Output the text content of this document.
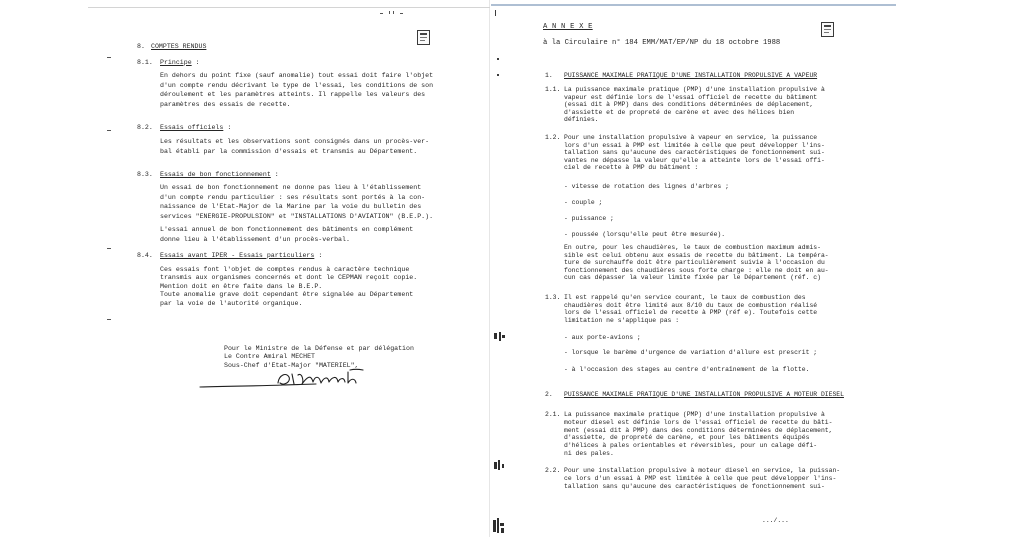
8. COMPTES RENDUS
8.1. Principe :
En dehors du point fixe (sauf anomalie) tout essai doit faire l'objet
d'un compte rendu décrivant le type de l'essai, les conditions de son
déroulement et les paramètres atteints. Il rappelle les valeurs des
paramètres des essais de recette.
8.2. Essais officiels :
Les résultats et les observations sont consignés dans un procès-ver-
bal établi par la commission d'essais et transmis au Département.
8.3. Essais de bon fonctionnement :
Un essai de bon fonctionnement ne donne pas lieu à l'établissement
d'un compte rendu particulier : ses résultats sont portés à la con-
naissance de l'Etat-Major de la Marine par la voie du bulletin des
services "ENERGIE-PROPULSION" et "INSTALLATIONS D'AVIATION" (B.E.P.).
L'essai annuel de bon fonctionnement des bâtiments en complément
donne lieu à l'établissement d'un procès-verbal.
8.4. Essais avant IPER - Essais particuliers :
Ces essais font l'objet de comptes rendus à caractère technique
transmis aux organismes concernés et dont le CEPMAN reçoit copie.
Mention doit en être faite dans le B.E.P.
Toute anomalie grave doit cependant être signalée au Département
par la voie de l'autorité organique.
Pour le Ministre de la Défense et par délégation
Le Contre Amiral MECHET
Sous-Chef d'Etat-Major "MATERIEL",
A N N E X E
à la Circulaire n° 184 EMM/MAT/EP/NP du 18 octobre 1988
1. PUISSANCE MAXIMALE PRATIQUE D'UNE INSTALLATION PROPULSIVE A VAPEUR
1.1. La puissance maximale pratique (PMP) d'une installation propulsive à
vapeur est définie lors de l'essai officiel de recette du bâtiment
(essai dit à PMP) dans des conditions déterminées de déplacement,
d'assiette et de propreté de carène et avec des hélices bien
définies.
1.2. Pour une installation propulsive à vapeur en service, la puissance
lors d'un essai à PMP est limitée à celle que peut développer l'ins-
tallation sans qu'aucune des caractéristiques de fonctionnement sui-
vantes ne dépasse la valeur qu'elle a atteinte lors de l'essai offi-
ciel de recette à PMP du bâtiment :
- vitesse de rotation des lignes d'arbres ;
- couple ;
- puissance ;
- poussée (lorsqu'elle peut être mesurée).
En outre, pour les chaudières, le taux de combustion maximum admis-
sible est celui obtenu aux essais de recette du bâtiment. La tempéra-
ture de surchauffe doit être particulièrement suivie à l'occasion du
fonctionnement des chaudières sous forte charge : elle ne doit en au-
cun cas dépasser la valeur limite fixée par le Département (réf. c)
1.3. Il est rappelé qu'en service courant, le taux de combustion des
chaudières doit être limité aux 8/10 du taux de combustion réalisé
lors de l'essai officiel de recette à PMP (réf e). Toutefois cette
limitation ne s'applique pas :
- aux porte-avions ;
- lorsque le barème d'urgence de variation d'allure est prescrit ;
- à l'occasion des stages au centre d'entraînement de la flotte.
2. PUISSANCE MAXIMALE PRATIQUE D'UNE INSTALLATION PROPULSIVE A MOTEUR DIESEL
2.1. La puissance maximale pratique (PMP) d'une installation propulsive à
moteur diesel est définie lors de l'essai officiel de recette du bâti-
ment (essai dit à PMP) dans des conditions déterminées de déplacement,
d'assiette, de propreté de carène, et pour les bâtiments équipés
d'hélices à pales orientables et réversibles, pour un calage défi-
ni des pales.
2.2. Pour une installation propulsive à moteur diesel en service, la puissan-
ce lors d'un essai à PMP est limitée à celle que peut développer l'ins-
tallation sans qu'aucune des caractéristiques de fonctionnement sui-
.../...
